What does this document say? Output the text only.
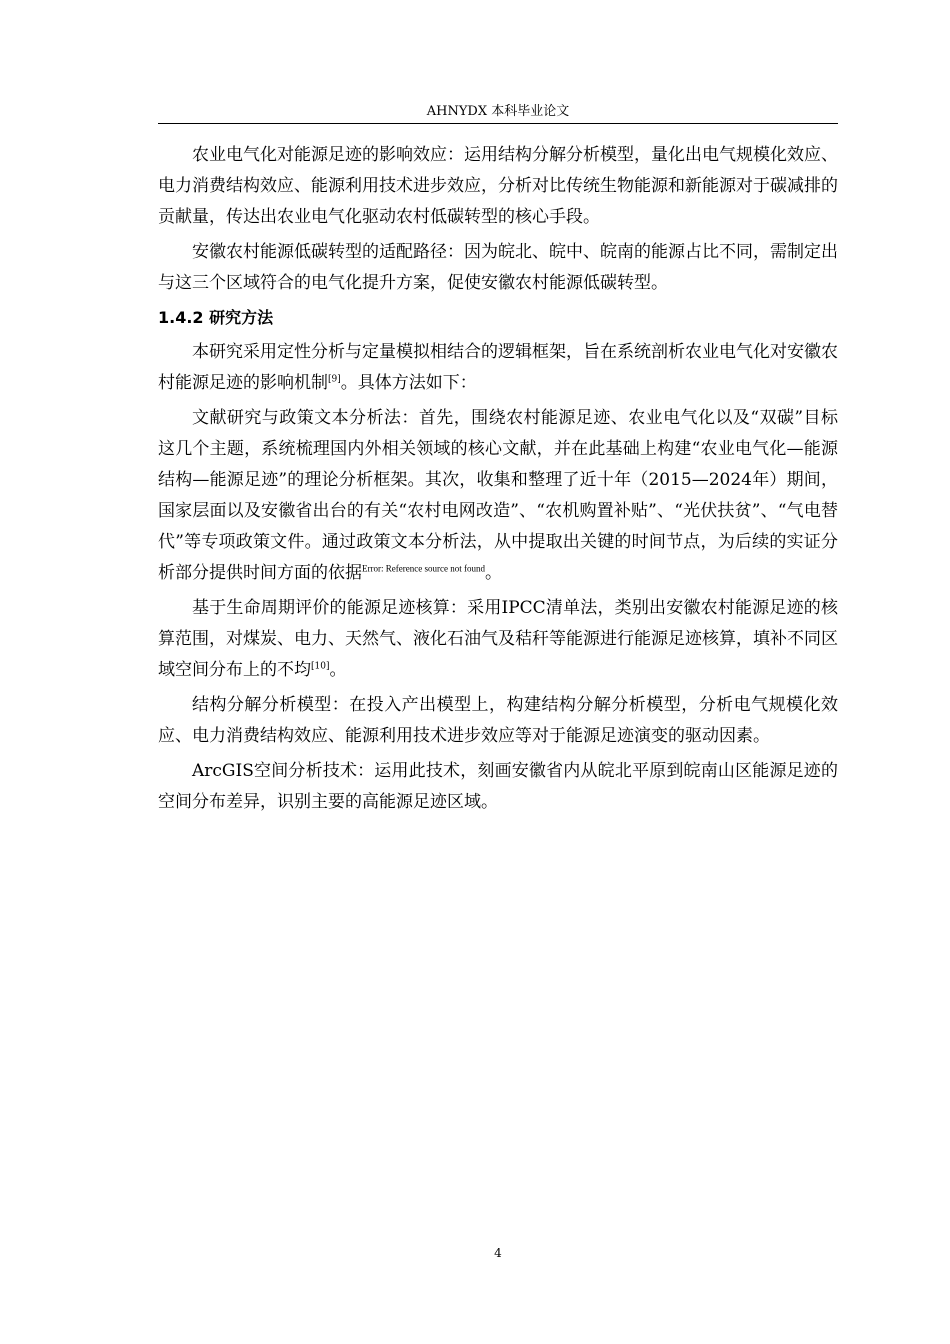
AHNYDX 本科毕业论文

农业电气化对能源足迹的影响效应：运用结构分解分析模型，量化出电气规模化效应、电力消费结构效应、能源利用技术进步效应，分析对比传统生物能源和新能源对于碳减排的贡献量，传达出农业电气化驱动农村低碳转型的核心手段。

安徽农村能源低碳转型的适配路径：因为皖北、皖中、皖南的能源占比不同，需制定出与这三个区域符合的电气化提升方案，促使安徽农村能源低碳转型。

1.4.2 研究方法

本研究采用定性分析与定量模拟相结合的逻辑框架，旨在系统剖析农业电气化对安徽农村能源足迹的影响机制[9]。具体方法如下：

文献研究与政策文本分析法：首先，围绕农村能源足迹、农业电气化以及“双碳”目标这几个主题，系统梳理国内外相关领域的核心文献，并在此基础上构建“农业电气化—能源结构—能源足迹”的理论分析框架。其次，收集和整理了近十年（2015—2024年）期间，国家层面以及安徽省出台的有关“农村电网改造”、“农机购置补贴”、“光伏扶贫”、“气电替代”等专项政策文件。通过政策文本分析法，从中提取出关键的时间节点，为后续的实证分析部分提供时间方面的依据$^{Error: Reference source not found}$。

基于生命周期评价的能源足迹核算：采用IPCC清单法，类别出安徽农村能源足迹的核算范围，对煤炭、电力、天然气、液化石油气及秸秆等能源进行能源足迹核算，填补不同区域空间分布上的不均[10]。

结构分解分析模型：在投入产出模型上，构建结构分解分析模型，分析电气规模化效应、电力消费结构效应、能源利用技术进步效应等对于能源足迹演变的驱动因素。

ArcGIS空间分析技术：运用此技术，刻画安徽省内从皖北平原到皖南山区能源足迹的空间分布差异，识别主要的高能源足迹区域。

4
